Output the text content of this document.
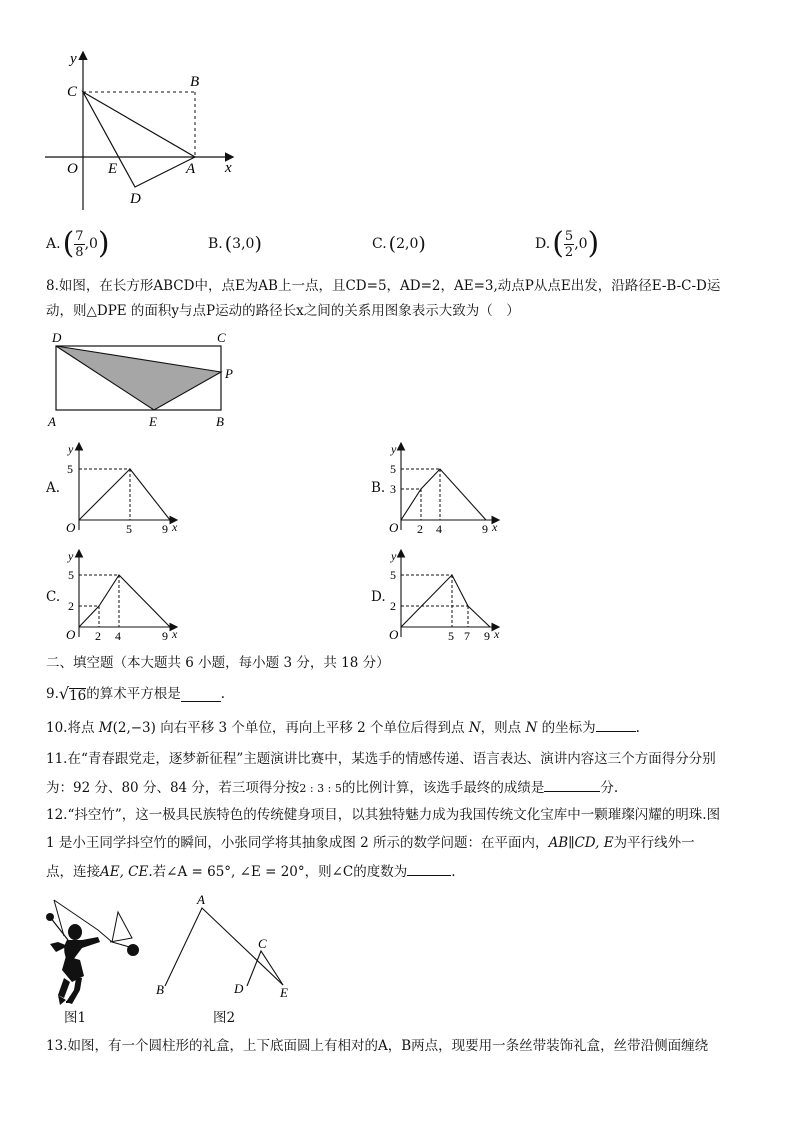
y
C
B
O E	A x
D
A. ( 7
8 ,0 )	B. ( 3,0 )	C. ( 2,0 )	D. ( 5
2 ,0 )
8.如图，在长方形ABCD中，点E为AB上一点，且CD=5，AD=2，AE=3,动点P从点E出发，沿路径E-B-C-D运
动，则△DPE 的面积y与点P运动的路径长x之间的关系用图象表示大致为（　）
D	C
P
A	E	B
A.
y
5
O	5	9 x
B.
y
5
3
O 2 4	9 x
C.
y
5
2
O 2 4	9 x
D.
y
5
2
O	5 7 9 x
二、填空题（本大题共 6 小题，每小题 3 分，共 18 分）
9. √ 16 的算术平方根是	.
10.将点 M(2,−3) 向右平移 3 个单位，再向上平移 2 个单位后得到点 N，则点 N 的坐标为	.
11.在“青春跟党走，逐梦新征程”主题演讲比赛中，某选手的情感传递、语言表达、演讲内容这三个方面得分分别
为：92 分、80 分、84 分，若三项得分按2 : 3 : 5的比例计算，该选手最终的成绩是	分.
12.“抖空竹”，这一极具民族特色的传统健身项目，以其独特魅力成为我国传统文化宝库中一颗璀璨闪耀的明珠.图
1 是小王同学抖空竹的瞬间，小张同学将其抽象成图 2 所示的数学问题：在平面内，AB∥CD, E为平行线外一
点，连接AE, CE.若∠A = 65°, ∠E = 20°，则∠C的度数为	.
A
B
C
D	E
图1	图2
13.如图，有一个圆柱形的礼盒，上下底面圆上有相对的A，B两点，现要用一条丝带装饰礼盒，丝带沿侧面缠绕
